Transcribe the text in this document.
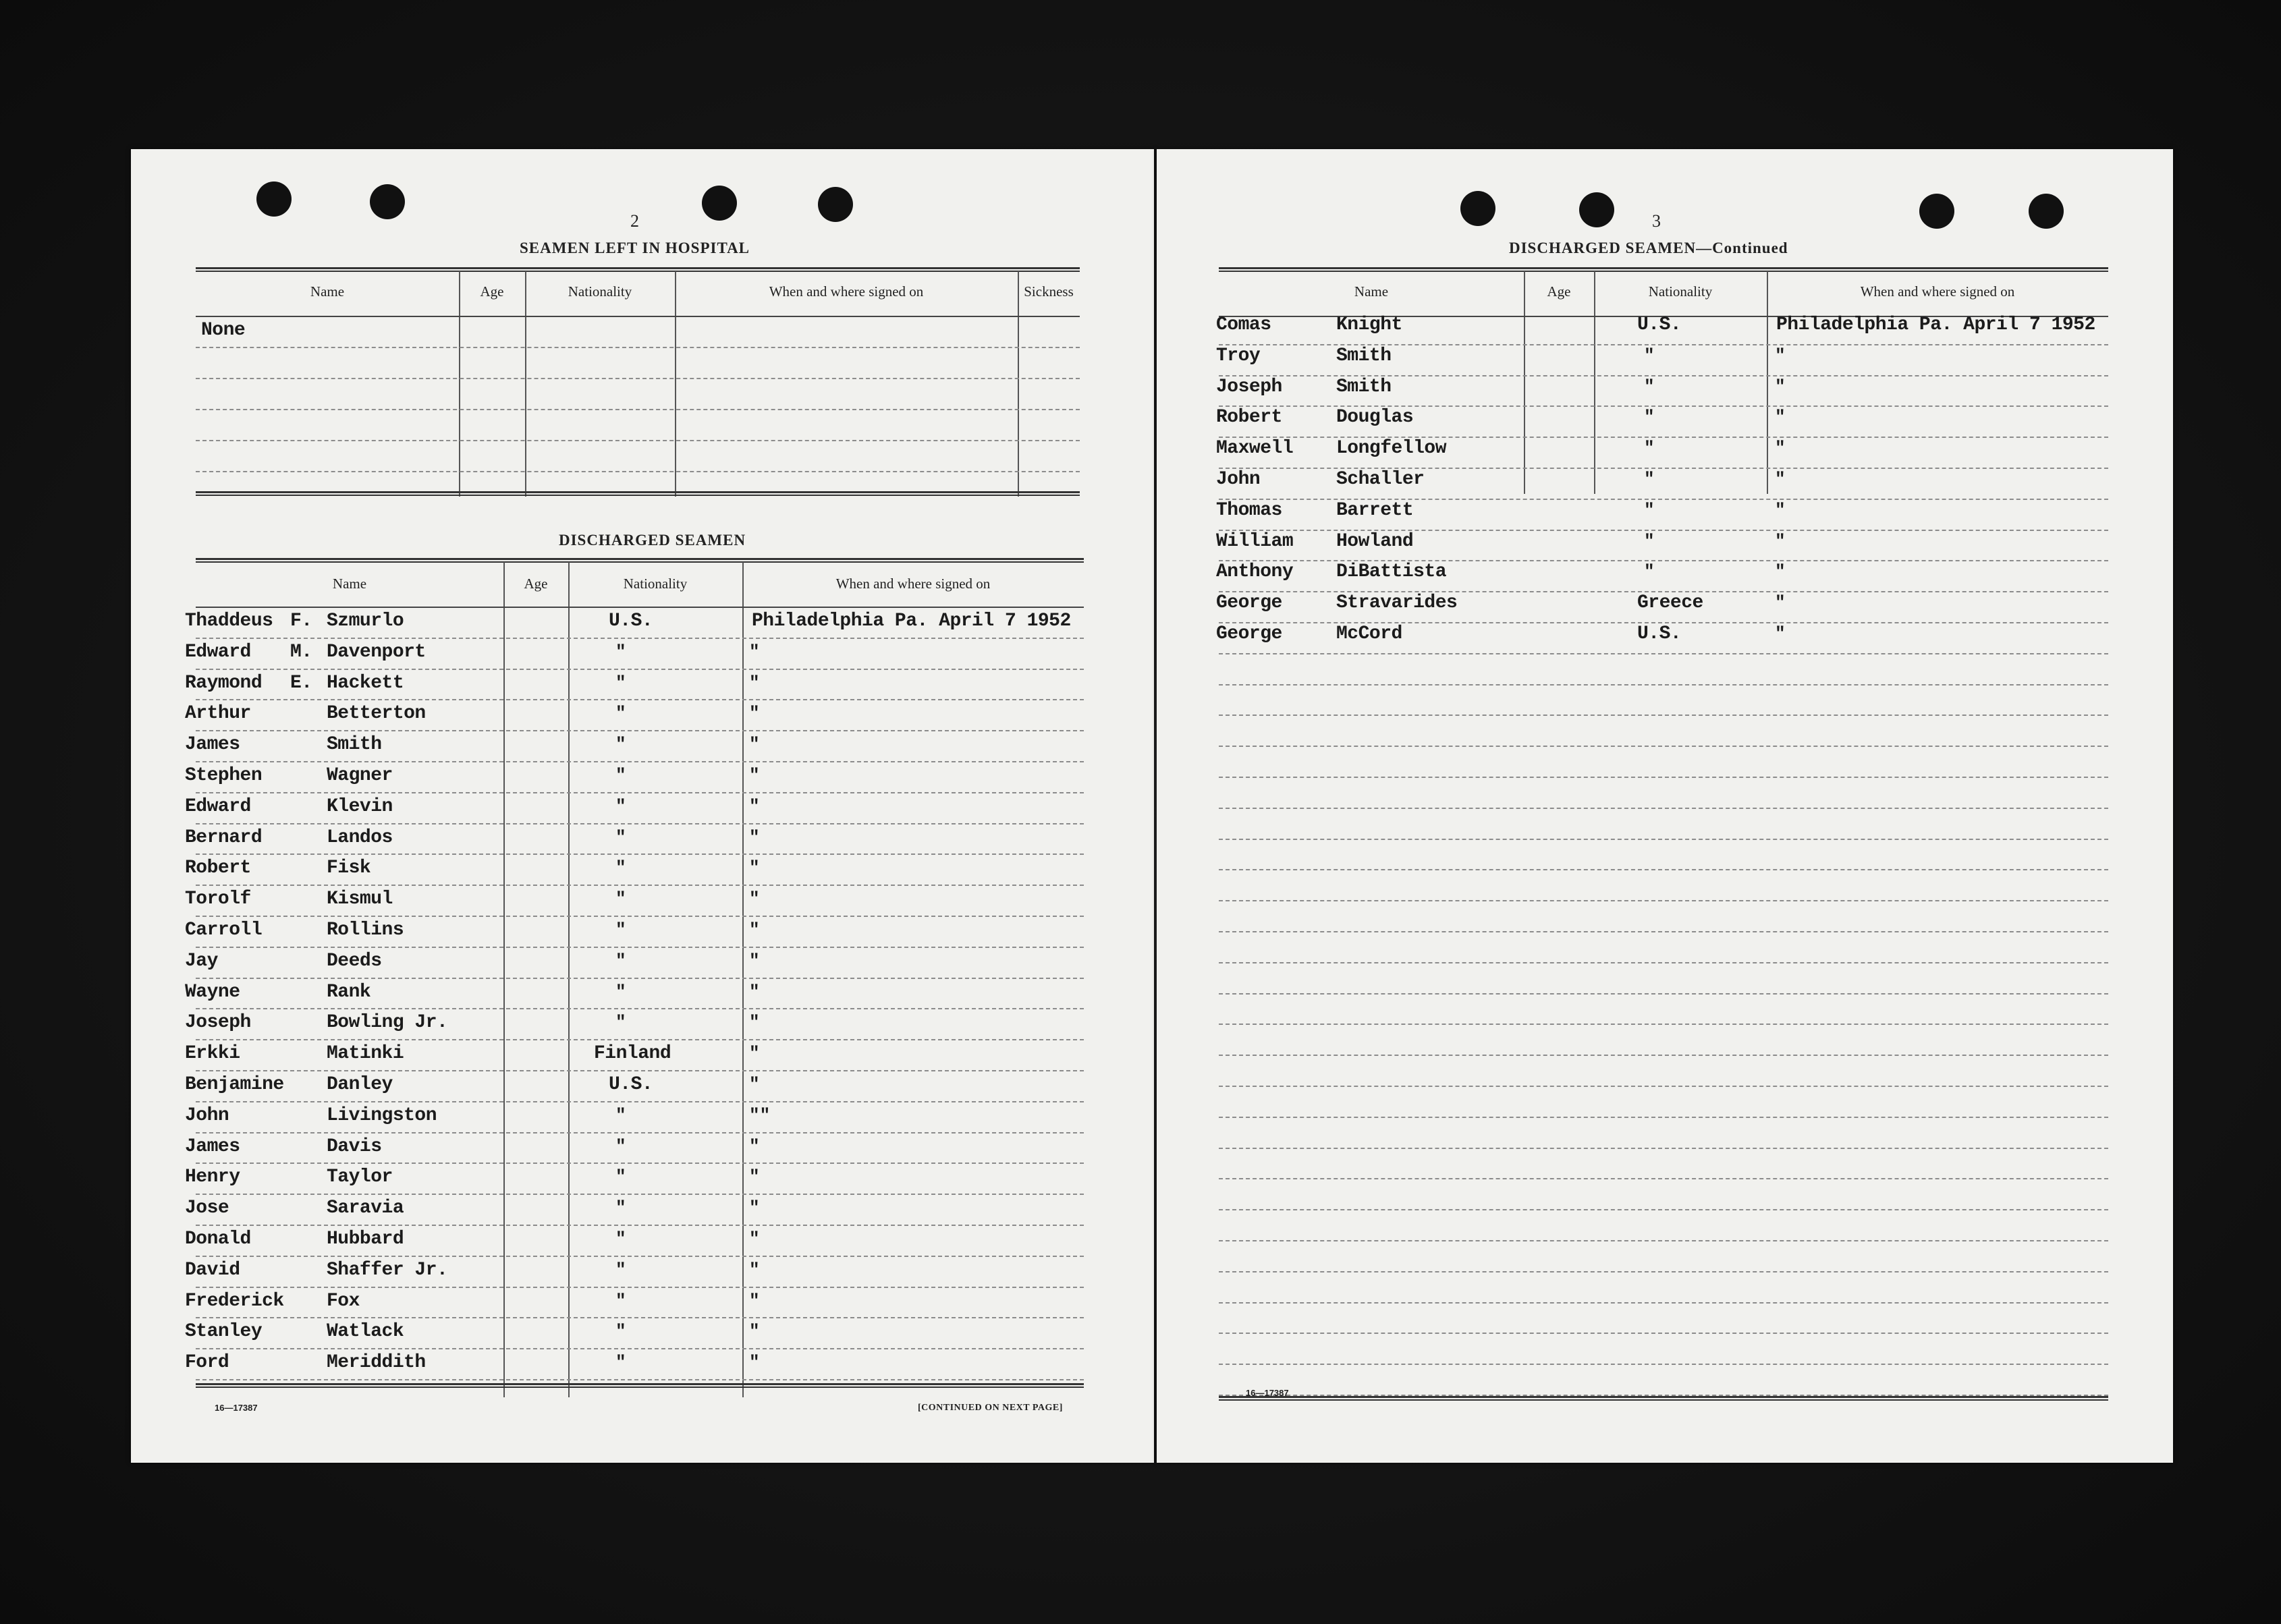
2
SEAMEN LEFT IN HOSPITAL
Name	Age	Nationality	When and where signed on	Sickness
None
DISCHARGED SEAMEN
Name	Age	Nationality	When and where signed on
Thaddeus F. Szmurlo	U.S.	Philadelphia Pa. April 7 1952
Edward M. Davenport	"	"
Raymond E. Hackett	"	"
Arthur	Betterton	"	"
James	Smith	"	"
Stephen	Wagner	"	"
Edward	Klevin	"	"
Bernard	Landos	"	"
Robert	Fisk	"	"
Torolf	Kismul	"	"
Carroll	Rollins	"	"
Jay	Deeds	"	"
Wayne	Rank	"	"
Joseph	Bowling Jr.	"	"
Erkki	Matinki	Finland	"
Benjamine Danley	U.S.	"
John	Livingston	"	""
James	Davis	"	"
Henry	Taylor	"	"
Jose	Saravia	"	"
Donald	Hubbard	"	"
David	Shaffer Jr.	"	"
Frederick Fox	"	"
Stanley	Watlack	"	"
Ford	Meriddith	"	"
16—17387	[CONTINUED ON NEXT PAGE]
3
DISCHARGED SEAMEN—Continued
Name	Age	Nationality	When and where signed on
Comas	Knight	U.S.	Philadelphia Pa. April 7 1952
Troy	Smith	"	"
Joseph	Smith	"	"
Robert	Douglas	"	"
Maxwell Longfellow	"	"
John	Schaller	"	"
Thomas	Barrett	"	"
William Howland	"	"
Anthony DiBattista	"	"
George	Stravarides	Greece	"
George	McCord	U.S.	"
16—17387
